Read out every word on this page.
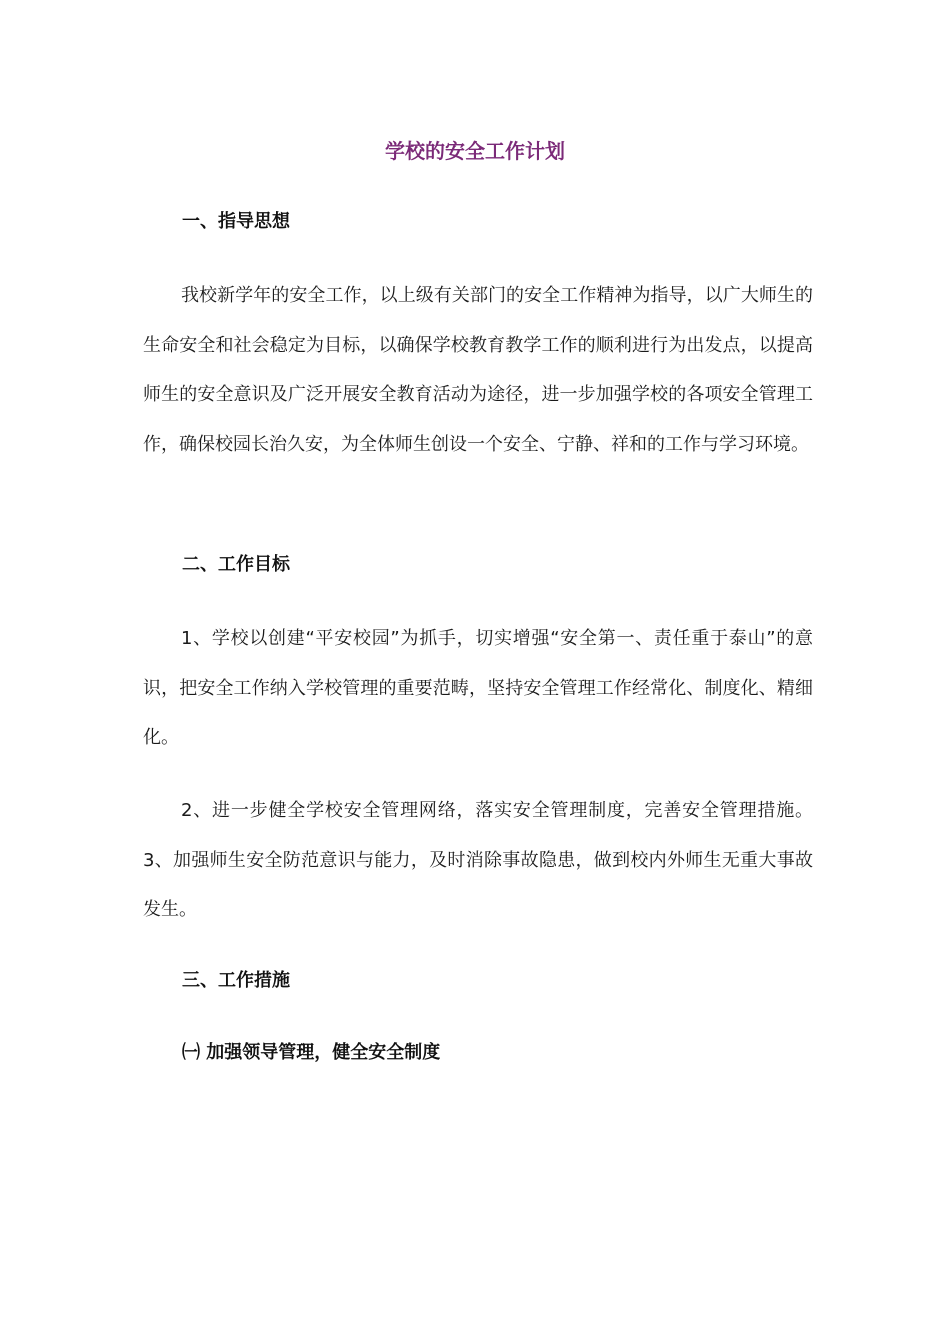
学校的安全工作计划
一、指导思想
我校新学年的安全工作，以上级有关部门的安全工作精神为指导，以广大师生的生命安全和社会稳定为目标，以确保学校教育教学工作的顺利进行为出发点，以提高师生的安全意识及广泛开展安全教育活动为途径，进一步加强学校的各项安全管理工作，确保校园长治久安，为全体师生创设一个安全、宁静、祥和的工作与学习环境。
二、工作目标
1、学校以创建“平安校园”为抓手，切实增强“安全第一、责任重于泰山”的意识，把安全工作纳入学校管理的重要范畴，坚持安全管理工作经常化、制度化、精细化。
2、进一步健全学校安全管理网络，落实安全管理制度，完善安全管理措施。 3、加强师生安全防范意识与能力，及时消除事故隐患，做到校内外师生无重大事故发生。
三、工作措施
㈠ 加强领导管理，健全安全制度
